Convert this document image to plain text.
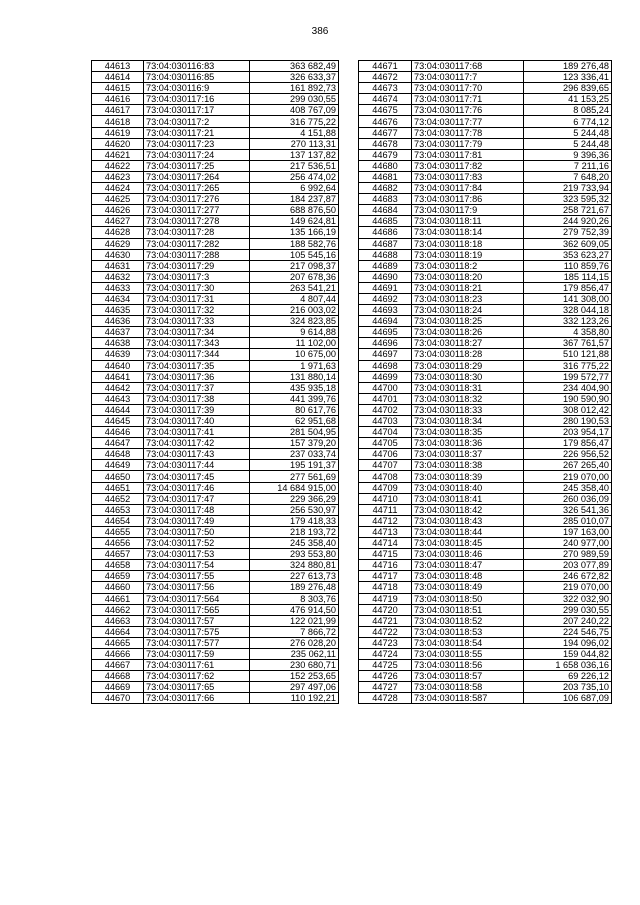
386
44613	73:04:030116:83	363 682,49
44614	73:04:030116:85	326 633,37
44615	73:04:030116:9	161 892,73
44616	73:04:030117:16	299 030,55
44617	73:04:030117:17	408 767,09
44618	73:04:030117:2	316 775,22
44619	73:04:030117:21	4 151,88
44620	73:04:030117:23	270 113,31
44621	73:04:030117:24	137 137,82
44622	73:04:030117:25	217 536,51
44623	73:04:030117:264	256 474,02
44624	73:04:030117:265	6 992,64
44625	73:04:030117:276	184 237,87
44626	73:04:030117:277	688 876,50
44627	73:04:030117:278	149 624,81
44628	73:04:030117:28	135 166,19
44629	73:04:030117:282	188 582,76
44630	73:04:030117:288	105 545,16
44631	73:04:030117:29	217 098,37
44632	73:04:030117:3	207 678,36
44633	73:04:030117:30	263 541,21
44634	73:04:030117:31	4 807,44
44635	73:04:030117:32	216 003,02
44636	73:04:030117:33	324 823,85
44637	73:04:030117:34	9 614,88
44638	73:04:030117:343	11 102,00
44639	73:04:030117:344	10 675,00
44640	73:04:030117:35	1 971,63
44641	73:04:030117:36	131 880,14
44642	73:04:030117:37	435 935,18
44643	73:04:030117:38	441 399,76
44644	73:04:030117:39	80 617,76
44645	73:04:030117:40	62 951,68
44646	73:04:030117:41	281 504,95
44647	73:04:030117:42	157 379,20
44648	73:04:030117:43	237 033,74
44649	73:04:030117:44	195 191,37
44650	73:04:030117:45	277 561,69
44651	73:04:030117:46	14 684 915,00
44652	73:04:030117:47	229 366,29
44653	73:04:030117:48	256 530,97
44654	73:04:030117:49	179 418,33
44655	73:04:030117:50	218 193,72
44656	73:04:030117:52	245 358,40
44657	73:04:030117:53	293 553,80
44658	73:04:030117:54	324 880,81
44659	73:04:030117:55	227 613,73
44660	73:04:030117:56	189 276,48
44661	73:04:030117:564	8 303,76
44662	73:04:030117:565	476 914,50
44663	73:04:030117:57	122 021,99
44664	73:04:030117:575	7 866,72
44665	73:04:030117:577	276 028,20
44666	73:04:030117:59	235 062,11
44667	73:04:030117:61	230 680,71
44668	73:04:030117:62	152 253,65
44669	73:04:030117:65	297 497,06
44670	73:04:030117:66	110 192,21
44671	73:04:030117:68	189 276,48
44672	73:04:030117:7	123 336,41
44673	73:04:030117:70	296 839,65
44674	73:04:030117:71	41 153,25
44675	73:04:030117:76	8 085,24
44676	73:04:030117:77	6 774,12
44677	73:04:030117:78	5 244,48
44678	73:04:030117:79	5 244,48
44679	73:04:030117:81	9 396,36
44680	73:04:030117:82	7 211,16
44681	73:04:030117:83	7 648,20
44682	73:04:030117:84	219 733,94
44683	73:04:030117:86	323 595,32
44684	73:04:030117:9	258 721,67
44685	73:04:030118:11	244 920,26
44686	73:04:030118:14	279 752,39
44687	73:04:030118:18	362 609,05
44688	73:04:030118:19	353 623,27
44689	73:04:030118:2	110 859,76
44690	73:04:030118:20	185 114,15
44691	73:04:030118:21	179 856,47
44692	73:04:030118:23	141 308,00
44693	73:04:030118:24	328 044,18
44694	73:04:030118:25	332 123,26
44695	73:04:030118:26	4 358,80
44696	73:04:030118:27	367 761,57
44697	73:04:030118:28	510 121,88
44698	73:04:030118:29	316 775,22
44699	73:04:030118:30	199 572,77
44700	73:04:030118:31	234 404,90
44701	73:04:030118:32	190 590,90
44702	73:04:030118:33	308 012,42
44703	73:04:030118:34	280 190,53
44704	73:04:030118:35	203 954,17
44705	73:04:030118:36	179 856,47
44706	73:04:030118:37	226 956,52
44707	73:04:030118:38	267 265,40
44708	73:04:030118:39	219 070,00
44709	73:04:030118:40	245 358,40
44710	73:04:030118:41	260 036,09
44711	73:04:030118:42	326 541,36
44712	73:04:030118:43	285 010,07
44713	73:04:030118:44	197 163,00
44714	73:04:030118:45	240 977,00
44715	73:04:030118:46	270 989,59
44716	73:04:030118:47	203 077,89
44717	73:04:030118:48	246 672,82
44718	73:04:030118:49	219 070,00
44719	73:04:030118:50	322 032,90
44720	73:04:030118:51	299 030,55
44721	73:04:030118:52	207 240,22
44722	73:04:030118:53	224 546,75
44723	73:04:030118:54	194 096,02
44724	73:04:030118:55	159 044,82
44725	73:04:030118:56	1 658 036,16
44726	73:04:030118:57	69 226,12
44727	73:04:030118:58	203 735,10
44728	73:04:030118:587	106 687,09
